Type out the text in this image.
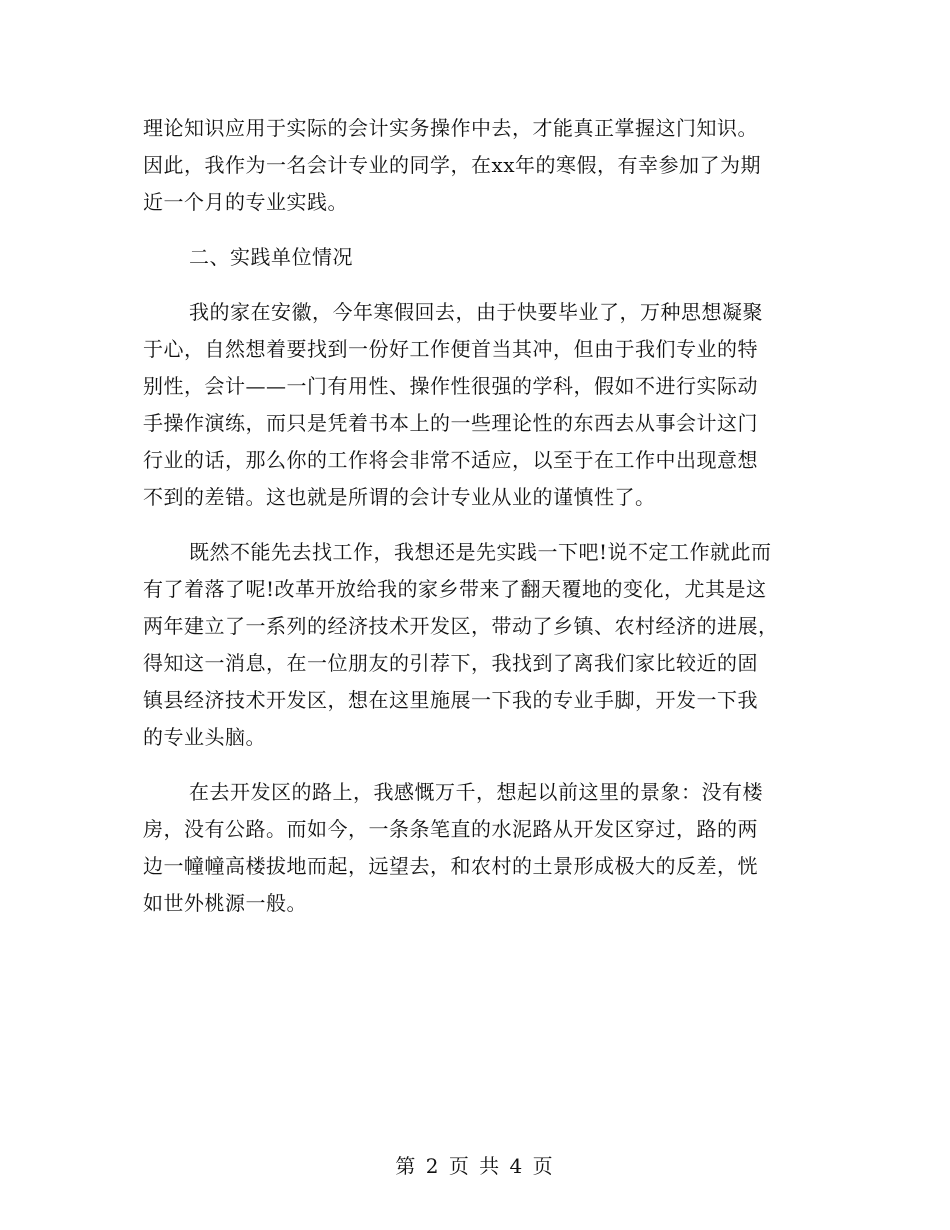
理论知识应用于实际的会计实务操作中去，才能真正掌握这门知识。
因此，我作为一名会计专业的同学，在xx年的寒假，有幸参加了为期
近一个月的专业实践。

二、实践单位情况

我的家在安徽，今年寒假回去，由于快要毕业了，万种思想凝聚
于心，自然想着要找到一份好工作便首当其冲，但由于我们专业的特
别性，会计——一门有用性、操作性很强的学科，假如不进行实际动
手操作演练，而只是凭着书本上的一些理论性的东西去从事会计这门
行业的话，那么你的工作将会非常不适应，以至于在工作中出现意想
不到的差错。这也就是所谓的会计专业从业的谨慎性了。

既然不能先去找工作，我想还是先实践一下吧!说不定工作就此而
有了着落了呢!改革开放给我的家乡带来了翻天覆地的变化，尤其是这
两年建立了一系列的经济技术开发区，带动了乡镇、农村经济的进展，
得知这一消息，在一位朋友的引荐下，我找到了离我们家比较近的固
镇县经济技术开发区，想在这里施展一下我的专业手脚，开发一下我
的专业头脑。

在去开发区的路上，我感慨万千，想起以前这里的景象：没有楼
房，没有公路。而如今，一条条笔直的水泥路从开发区穿过，路的两
边一幢幢高楼拔地而起，远望去，和农村的土景形成极大的反差，恍
如世外桃源一般。

第 2 页 共 4 页
